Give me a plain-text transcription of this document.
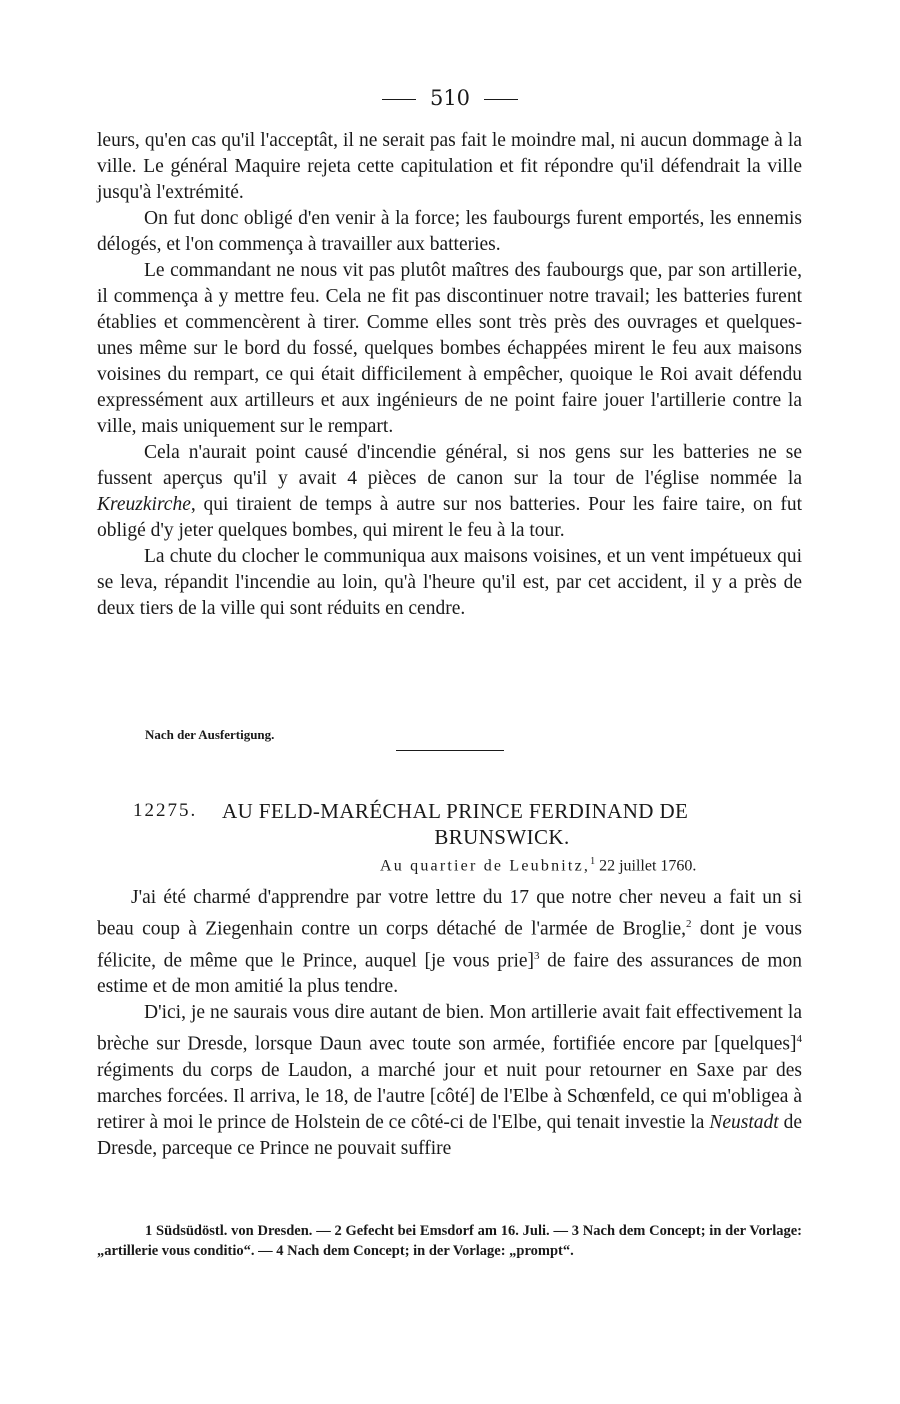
510

leurs, qu'en cas qu'il l'acceptât, il ne serait pas fait le moindre mal, ni aucun dommage à la ville. Le général Maquire rejeta cette capitulation et fit répondre qu'il défendrait la ville jusqu'à l'extrémité.

On fut donc obligé d'en venir à la force; les faubourgs furent emportés, les ennemis délogés, et l'on commença à travailler aux batteries.

Le commandant ne nous vit pas plutôt maîtres des faubourgs que, par son artillerie, il commença à y mettre feu. Cela ne fit pas discontinuer notre travail; les batteries furent établies et commencèrent à tirer. Comme elles sont très près des ouvrages et quelques-unes même sur le bord du fossé, quelques bombes échappées mirent le feu aux maisons voisines du rempart, ce qui était difficilement à empêcher, quoique le Roi avait défendu expressément aux artilleurs et aux ingénieurs de ne point faire jouer l'artillerie contre la ville, mais uniquement sur le rempart.

Cela n'aurait point causé d'incendie général, si nos gens sur les batteries ne se fussent aperçus qu'il y avait 4 pièces de canon sur la tour de l'église nommée la Kreuzkirche, qui tiraient de temps à autre sur nos batteries. Pour les faire taire, on fut obligé d'y jeter quelques bombes, qui mirent le feu à la tour.

La chute du clocher le communiqua aux maisons voisines, et un vent impétueux qui se leva, répandit l'incendie au loin, qu'à l'heure qu'il est, par cet accident, il y a près de deux tiers de la ville qui sont réduits en cendre.

Nach der Ausfertigung.
12275. AU FELD-MARÉCHAL PRINCE FERDINAND DE
BRUNSWICK.
Au quartier de Leubnitz,$^1$ 22 juillet 1760.

J'ai été charmé d'apprendre par votre lettre du 17 que notre cher neveu a fait un si beau coup à Ziegenhain contre un corps détaché de l'armée de Broglie,$^2$ dont je vous félicite, de même que le Prince, auquel [je vous prie]$^3$ de faire des assurances de mon estime et de mon amitié la plus tendre.

D'ici, je ne saurais vous dire autant de bien. Mon artillerie avait fait effectivement la brèche sur Dresde, lorsque Daun avec toute son armée, fortifiée encore par [quelques]$^4$ régiments du corps de Laudon, a marché jour et nuit pour retourner en Saxe par des marches forcées. Il arriva, le 18, de l'autre [côté] de l'Elbe à Schœnfeld, ce qui m'obligea à retirer à moi le prince de Holstein de ce côté-ci de l'Elbe, qui tenait investie la Neustadt de Dresde, parceque ce Prince ne pouvait suffire

1 Südsüdöstl. von Dresden. — 2 Gefecht bei Emsdorf am 16. Juli. — 3 Nach dem Concept; in der Vorlage: „artillerie vous conditio“. — 4 Nach dem Concept; in der Vorlage: „prompt“.
